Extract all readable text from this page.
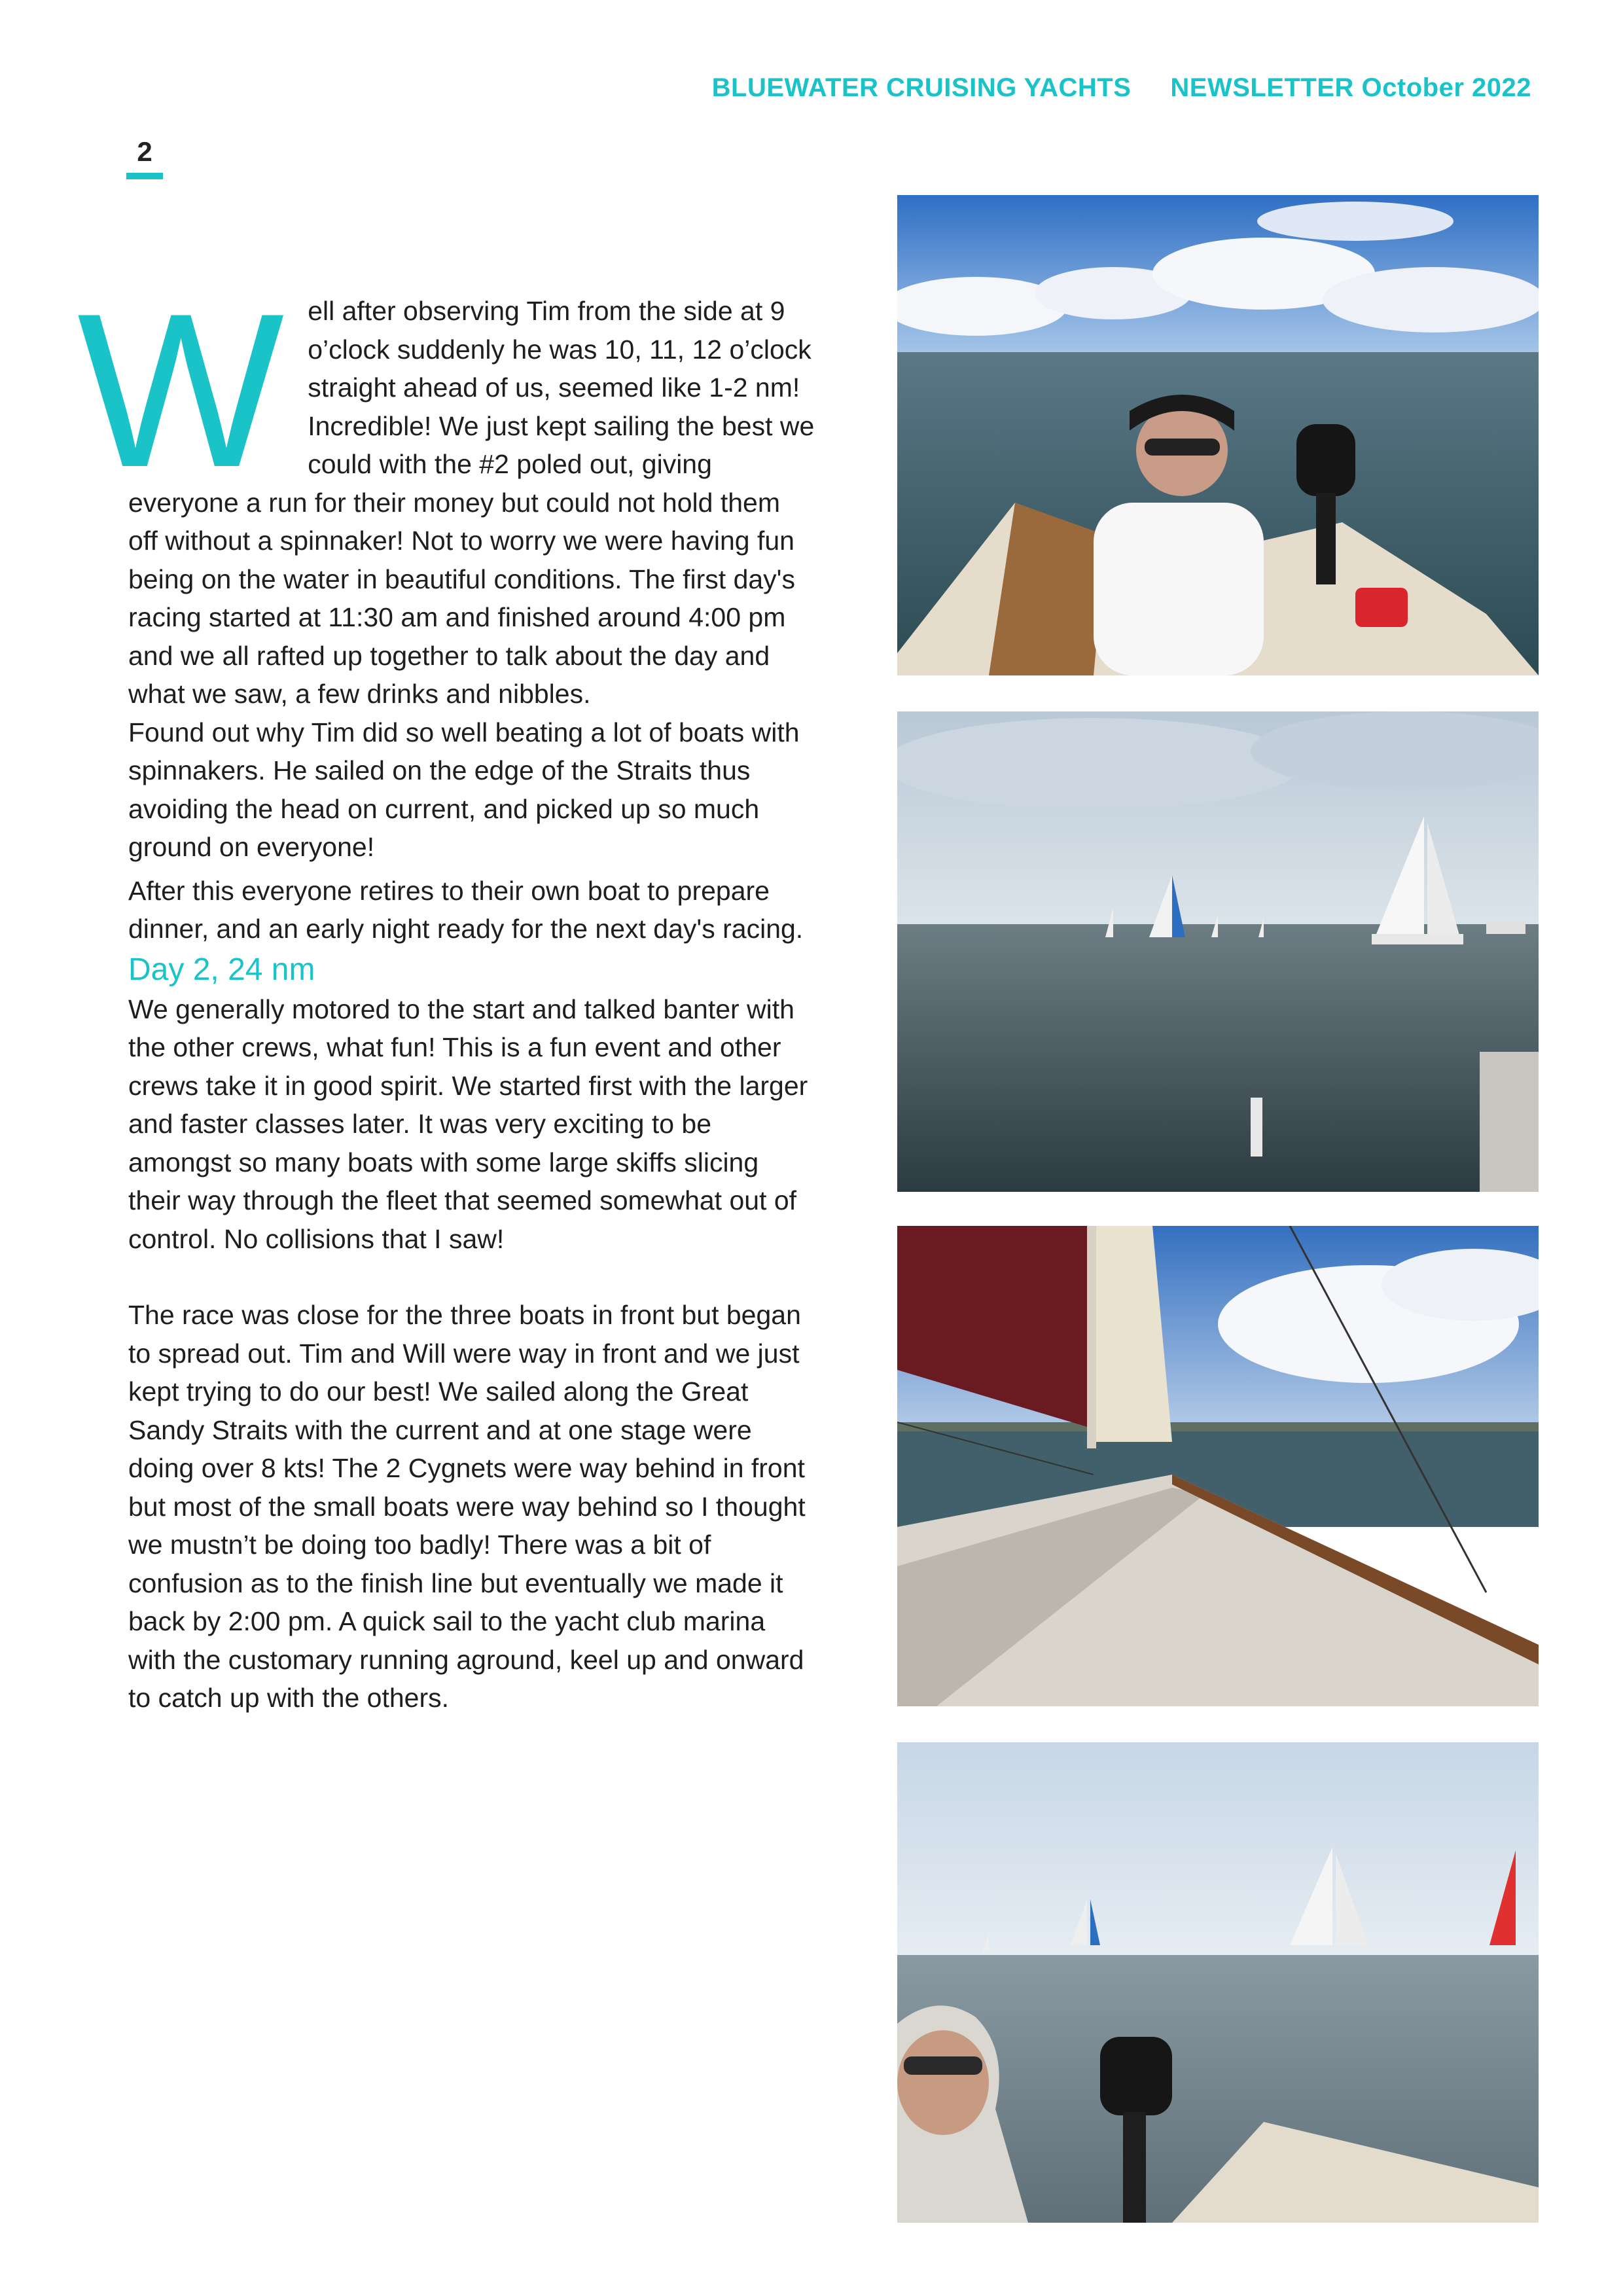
BLUEWATER CRUISING YACHTS NEWSLETTER October 2022
2
W ell after observing Tim from the side at 9 o’clock suddenly he was 10, 11, 12 o’clock straight ahead of us, seemed like 1-2 nm! Incredible! We just kept sailing the best we could with the #2 poled out, giving everyone a run for their money but could not hold them off without a spinnaker! Not to worry we were having fun being on the water in beautiful conditions. The first day's racing started at 11:30 am and finished around 4:00 pm and we all rafted up together to talk about the day and what we saw, a few drinks and nibbles.

Found out why Tim did so well beating a lot of boats with spinnakers. He sailed on the edge of the Straits thus avoiding the head on current, and picked up so much ground on everyone!

After this everyone retires to their own boat to prepare dinner, and an early night ready for the next day's racing.

Day 2, 24 nm

We generally motored to the start and talked banter with the other crews, what fun! This is a fun event and other crews take it in good spirit. We started first with the larger and faster classes later. It was very exciting to be amongst so many boats with some large skiffs slicing their way through the fleet that seemed somewhat out of control. No collisions that I saw!

The race was close for the three boats in front but began to spread out. Tim and Will were way in front and we just kept trying to do our best! We sailed along the Great Sandy Straits with the current and at one stage were doing over 8 kts! The 2 Cygnets were way behind in front but most of the small boats were way behind so I thought we mustn’t be doing too badly! There was a bit of confusion as to the finish line but eventually we made it back by 2:00 pm. A quick sail to the yacht club marina with the customary running aground, keel up and onward to catch up with the others.
